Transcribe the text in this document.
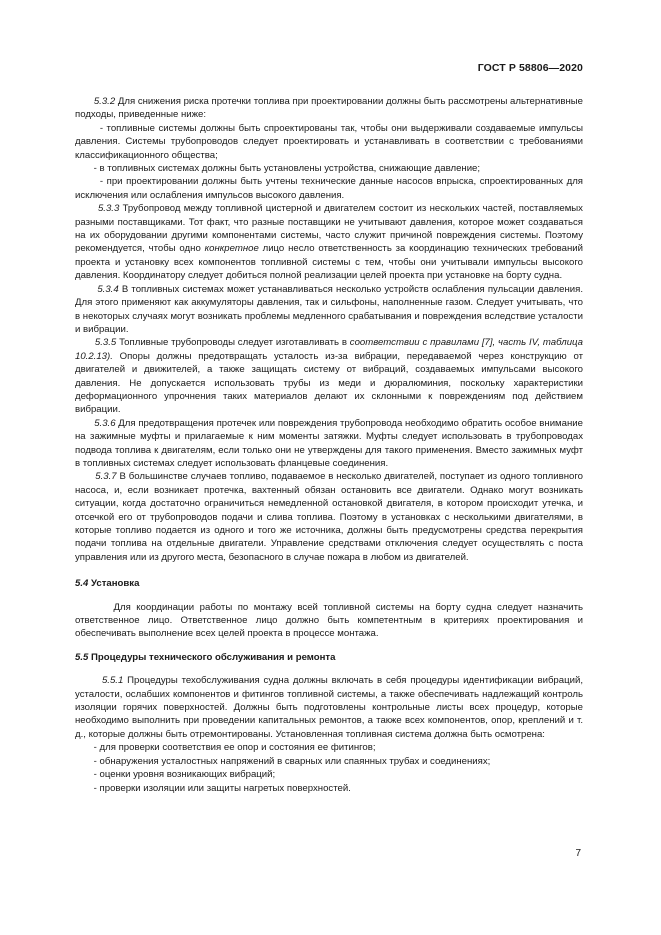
ГОСТ Р 58806—2020

5.3.2 Для снижения риска протечки топлива при проектировании должны быть рассмотрены альтернативные подходы, приведенные ниже:

- топливные системы должны быть спроектированы так, чтобы они выдерживали создаваемые импульсы давления. Системы трубопроводов следует проектировать и устанавливать в соответствии с требованиями классификационного общества;

- в топливных системах должны быть установлены устройства, снижающие давление;

- при проектировании должны быть учтены технические данные насосов впрыска, спроектированных для исключения или ослабления импульсов высокого давления.

5.3.3 Трубопровод между топливной цистерной и двигателем состоит из нескольких частей, поставляемых разными поставщиками. Тот факт, что разные поставщики не учитывают давления, которое может создаваться на их оборудовании другими компонентами системы, часто служит причиной повреждения системы. Поэтому рекомендуется, чтобы одно конкретное лицо несло ответственность за координацию технических требований проекта и установку всех компонентов топливной системы с тем, чтобы они учитывали импульсы высокого давления. Координатору следует добиться полной реализации целей проекта при установке на борту судна.

5.3.4 В топливных системах может устанавливаться несколько устройств ослабления пульсации давления. Для этого применяют как аккумуляторы давления, так и сильфоны, наполненные газом. Следует учитывать, что в некоторых случаях могут возникать проблемы медленного срабатывания и повреждения вследствие усталости и вибрации.

5.3.5 Топливные трубопроводы следует изготавливать в соответствии с правилами [7], часть IV, таблица 10.2.13). Опоры должны предотвращать усталость из-за вибрации, передаваемой через конструкцию от двигателей и движителей, а также защищать систему от вибраций, создаваемых импульсами высокого давления. Не допускается использовать трубы из меди и дюралюминия, поскольку характеристики деформационного упрочнения таких материалов делают их склонными к повреждениям под действием вибрации.

5.3.6 Для предотвращения протечек или повреждения трубопровода необходимо обратить особое внимание на зажимные муфты и прилагаемые к ним моменты затяжки. Муфты следует использовать в трубопроводах подвода топлива к двигателям, если только они не утверждены для такого применения. Вместо зажимных муфт в топливных системах следует использовать фланцевые соединения.

5.3.7 В большинстве случаев топливо, подаваемое в несколько двигателей, поступает из одного топливного насоса, и, если возникает протечка, вахтенный обязан остановить все двигатели. Однако могут возникать ситуации, когда достаточно ограничиться немедленной остановкой двигателя, в котором происходит утечка, и отсечкой его от трубопроводов подачи и слива топлива. Поэтому в установках с несколькими двигателями, в которые топливо подается из одного и того же источника, должны быть предусмотрены средства перекрытия подачи топлива на отдельные двигатели. Управление средствами отключения следует осуществлять с поста управления или из другого места, безопасного в случае пожара в любом из двигателей.

5.4 Установка

Для координации работы по монтажу всей топливной системы на борту судна следует назначить ответственное лицо. Ответственное лицо должно быть компетентным в критериях проектирования и обеспечивать выполнение всех целей проекта в процессе монтажа.

5.5 Процедуры технического обслуживания и ремонта

5.5.1 Процедуры техобслуживания судна должны включать в себя процедуры идентификации вибраций, усталости, ослабших компонентов и фитингов топливной системы, а также обеспечивать надлежащий контроль изоляции горячих поверхностей. Должны быть подготовлены контрольные листы всех процедур, которые необходимо выполнить при проведении капитальных ремонтов, а также всех компонентов, опор, креплений и т. д., которые должны быть отремонтированы. Установленная топливная система должна быть осмотрена:

- для проверки соответствия ее опор и состояния ее фитингов;

- обнаружения усталостных напряжений в сварных или спаянных трубах и соединениях;

- оценки уровня возникающих вибраций;

- проверки изоляции или защиты нагретых поверхностей.

7
